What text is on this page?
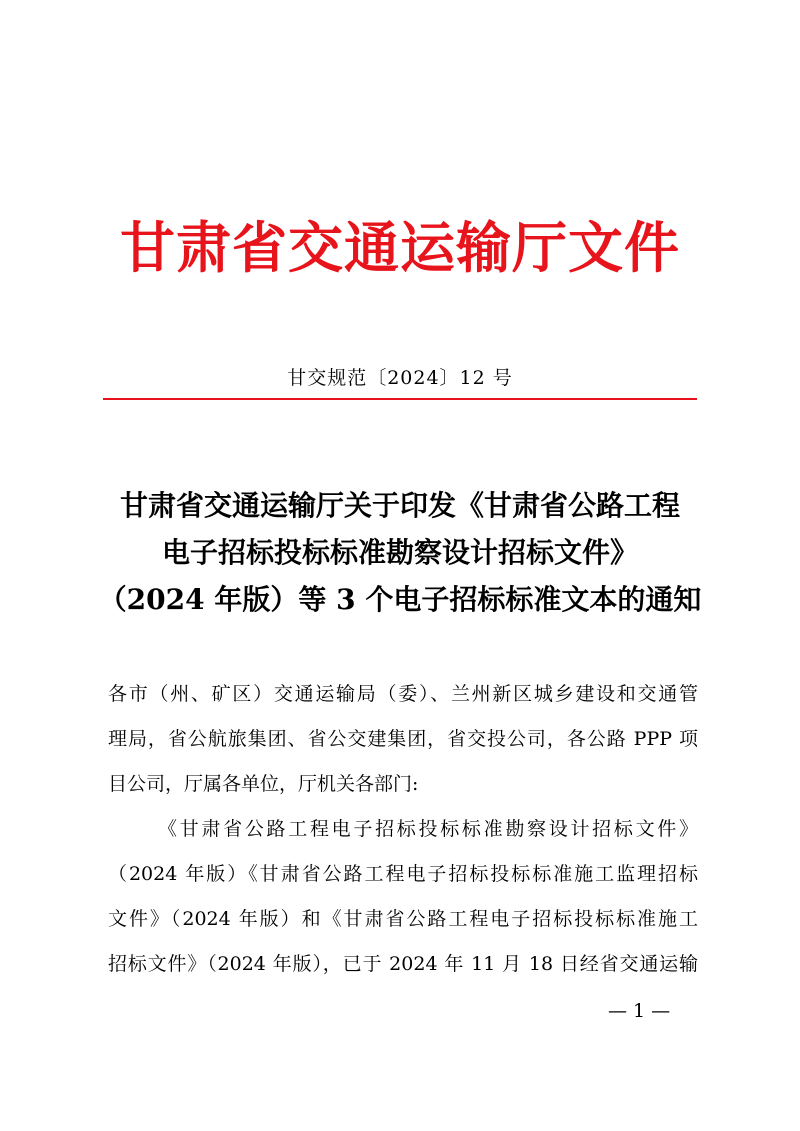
甘肃省交通运输厅文件

甘交规范〔2024〕12 号

甘肃省交通运输厅关于印发《甘肃省公路工程
电子招标投标标准勘察设计招标文件》
（2024 年版）等 3 个电子招标标准文本的通知

各市（州、矿区）交通运输局（委）、兰州新区城乡建设和交通管
理局，省公航旅集团、省公交建集团，省交投公司，各公路 PPP 项
目公司，厅属各单位，厅机关各部门:

《甘肃省公路工程电子招标投标标准勘察设计招标文件》
（2024 年版）《甘肃省公路工程电子招标投标标准施工监理招标
文件》（2024 年版）和《甘肃省公路工程电子招标投标标准施工
招标文件》（2024 年版），已于 2024 年 11 月 18 日经省交通运输

— 1 —
